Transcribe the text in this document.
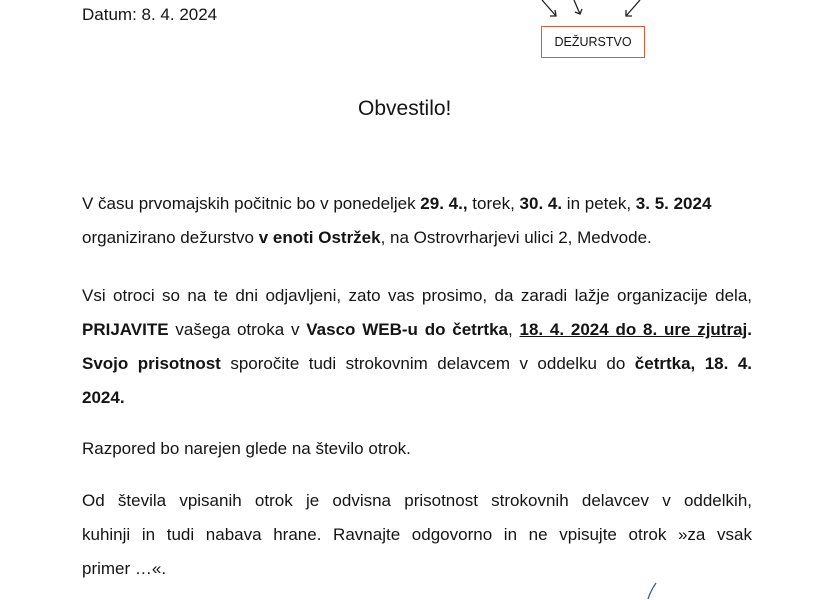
Datum: 8. 4. 2024
DEŽURSTVO
Obvestilo!

V času prvomajskih počitnic bo v ponedeljek 29. 4., torek, 30. 4. in petek, 3. 5. 2024
organizirano dežurstvo v enoti Ostržek, na Ostrovrharjevi ulici 2, Medvode.

Vsi otroci so na te dni odjavljeni, zato vas prosimo, da zaradi lažje organizacije dela,
PRIJAVITE vašega otroka v Vasco WEB-u do četrtka, 18. 4. 2024 do 8. ure zjutraj.
Svojo prisotnost sporočite tudi strokovnim delavcem v oddelku do četrtka, 18. 4.
2024.

Razpored bo narejen glede na število otrok.

Od števila vpisanih otrok je odvisna prisotnost strokovnih delavcev v oddelkih,
kuhinji in tudi nabava hrane. Ravnajte odgovorno in ne vpisujte otrok »za vsak
primer …«.
